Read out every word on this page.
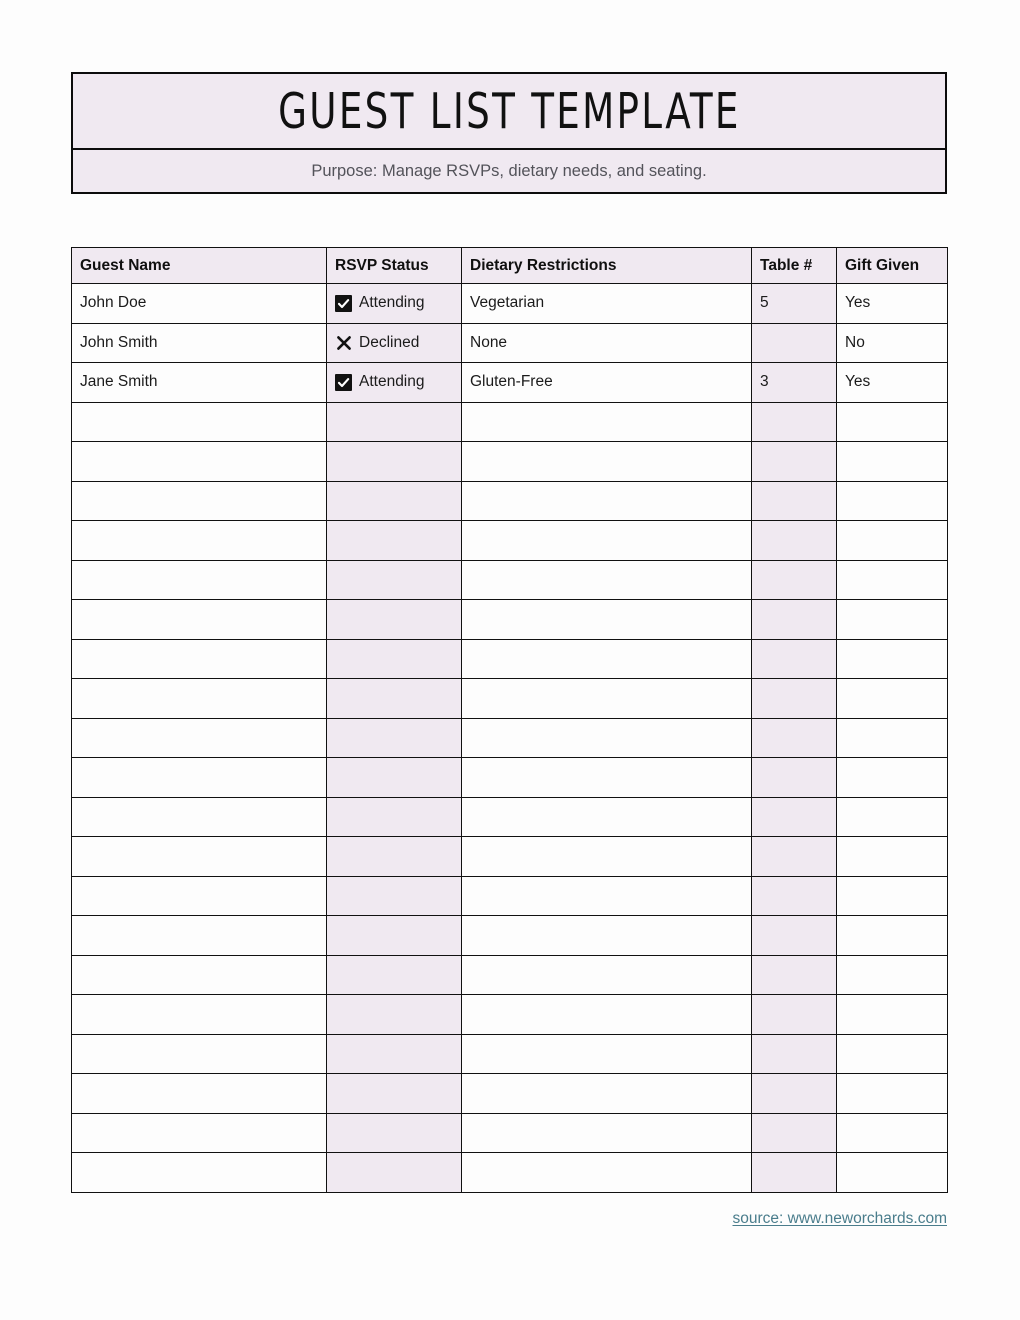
GUEST LIST TEMPLATE
Purpose: Manage RSVPs, dietary needs, and seating.
Guest Name	RSVP Status	Dietary Restrictions	Table #	Gift Given
John Doe	Attending	Vegetarian	5	Yes
John Smith	Declined	None		No
Jane Smith	Attending	Gluten-Free	3	Yes

source: www.neworchards.com
